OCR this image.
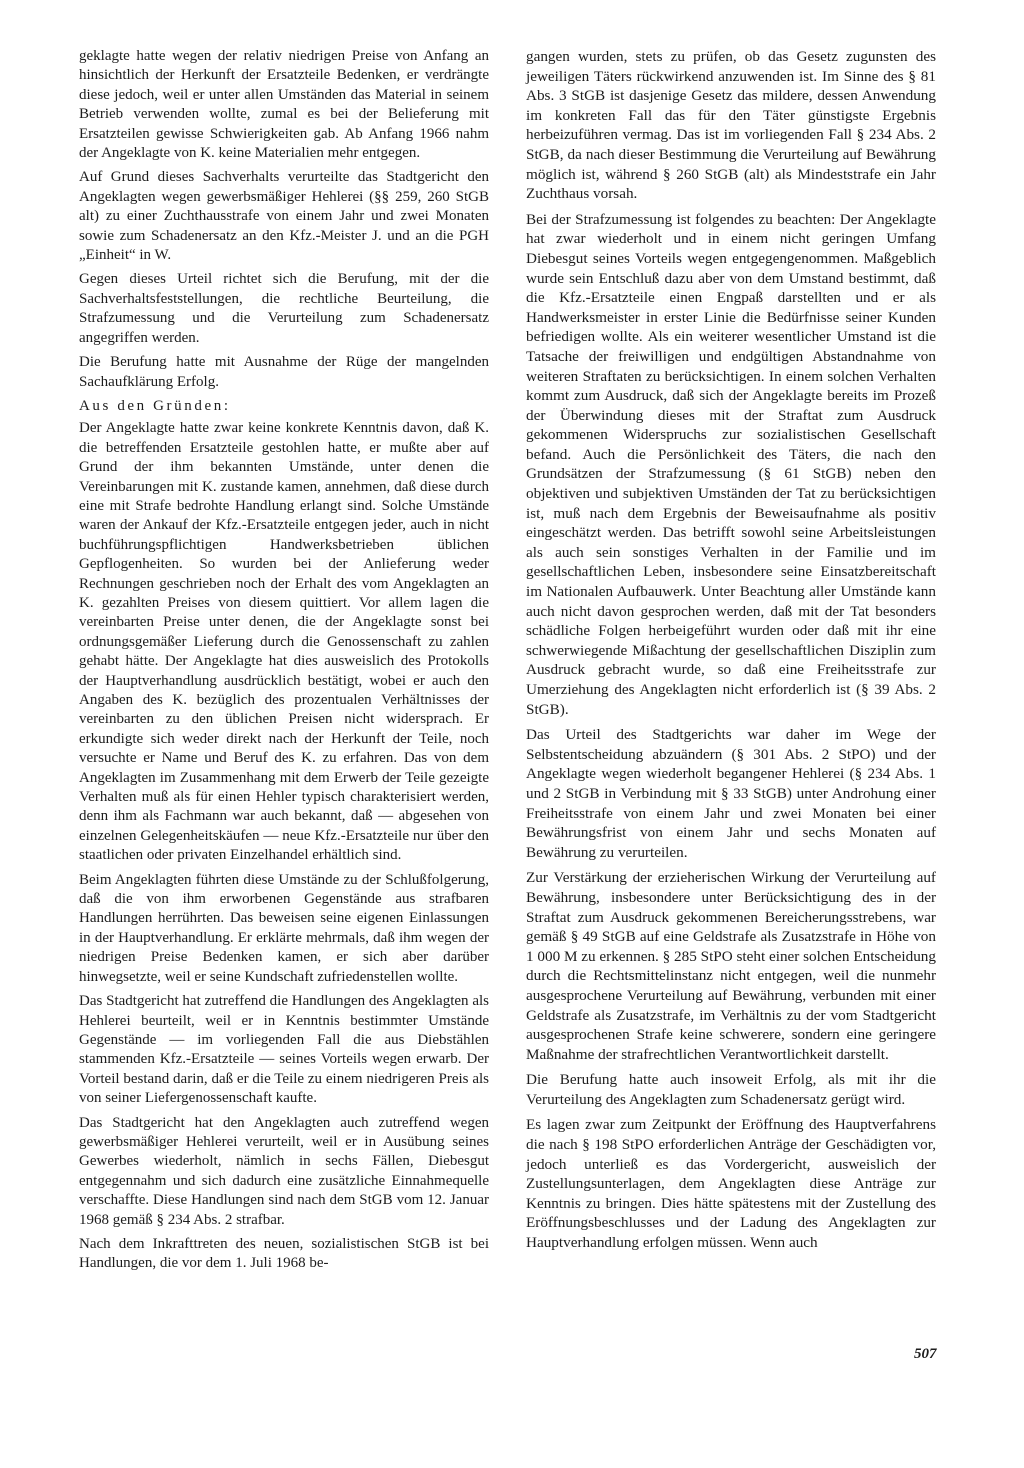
geklagte hatte wegen der relativ niedrigen Preise von Anfang an hinsichtlich der Herkunft der Ersatzteile Bedenken, er verdrängte diese jedoch, weil er unter allen Umständen das Material in seinem Betrieb verwenden wollte, zumal es bei der Belieferung mit Ersatzteilen gewisse Schwierigkeiten gab. Ab Anfang 1966 nahm der Angeklagte von K. keine Materialien mehr entgegen.

Auf Grund dieses Sachverhalts verurteilte das Stadtgericht den Angeklagten wegen gewerbsmäßiger Hehlerei (§§ 259, 260 StGB alt) zu einer Zuchthausstrafe von einem Jahr und zwei Monaten sowie zum Schadenersatz an den Kfz.-Meister J. und an die PGH „Einheit“ in W.

Gegen dieses Urteil richtet sich die Berufung, mit der die Sachverhaltsfeststellungen, die rechtliche Beurteilung, die Strafzumessung und die Verurteilung zum Schadenersatz angegriffen werden.

Die Berufung hatte mit Ausnahme der Rüge der mangelnden Sachaufklärung Erfolg.

Aus den Gründen:

Der Angeklagte hatte zwar keine konkrete Kenntnis davon, daß K. die betreffenden Ersatzteile gestohlen hatte, er mußte aber auf Grund der ihm bekannten Umstände, unter denen die Vereinbarungen mit K. zustande kamen, annehmen, daß diese durch eine mit Strafe bedrohte Handlung erlangt sind. Solche Umstände waren der Ankauf der Kfz.-Ersatzteile entgegen jeder, auch in nicht buchführungspflichtigen Handwerksbetrieben üblichen Gepflogenheiten. So wurden bei der Anlieferung weder Rechnungen geschrieben noch der Erhalt des vom Angeklagten an K. gezahlten Preises von diesem quittiert. Vor allem lagen die vereinbarten Preise unter denen, die der Angeklagte sonst bei ordnungsgemäßer Lieferung durch die Genossenschaft zu zahlen gehabt hätte. Der Angeklagte hat dies ausweislich des Protokolls der Hauptverhandlung ausdrücklich bestätigt, wobei er auch den Angaben des K. bezüglich des prozentualen Verhältnisses der vereinbarten zu den üblichen Preisen nicht widersprach. Er erkundigte sich weder direkt nach der Herkunft der Teile, noch versuchte er Name und Beruf des K. zu erfahren. Das von dem Angeklagten im Zusammenhang mit dem Erwerb der Teile gezeigte Verhalten muß als für einen Hehler typisch charakterisiert werden, denn ihm als Fachmann war auch bekannt, daß — abgesehen von einzelnen Gelegenheitskäufen — neue Kfz.-Ersatzteile nur über den staatlichen oder privaten Einzelhandel erhältlich sind.

Beim Angeklagten führten diese Umstände zu der Schlußfolgerung, daß die von ihm erworbenen Gegenstände aus strafbaren Handlungen herrührten. Das beweisen seine eigenen Einlassungen in der Hauptverhandlung. Er erklärte mehrmals, daß ihm wegen der niedrigen Preise Bedenken kamen, er sich aber darüber hinwegsetzte, weil er seine Kundschaft zufriedenstellen wollte.

Das Stadtgericht hat zutreffend die Handlungen des Angeklagten als Hehlerei beurteilt, weil er in Kenntnis bestimmter Umstände Gegenstände — im vorliegenden Fall die aus Diebstählen stammenden Kfz.-Ersatzteile — seines Vorteils wegen erwarb. Der Vorteil bestand darin, daß er die Teile zu einem niedrigeren Preis als von seiner Liefergenossenschaft kaufte.

Das Stadtgericht hat den Angeklagten auch zutreffend wegen gewerbsmäßiger Hehlerei verurteilt, weil er in Ausübung seines Gewerbes wiederholt, nämlich in sechs Fällen, Diebesgut entgegennahm und sich dadurch eine zusätzliche Einnahmequelle verschaffte. Diese Handlungen sind nach dem StGB vom 12. Januar 1968 gemäß § 234 Abs. 2 strafbar.

Nach dem Inkrafttreten des neuen, sozialistischen StGB ist bei Handlungen, die vor dem 1. Juli 1968 be-

gangen wurden, stets zu prüfen, ob das Gesetz zugunsten des jeweiligen Täters rückwirkend anzuwenden ist. Im Sinne des § 81 Abs. 3 StGB ist dasjenige Gesetz das mildere, dessen Anwendung im konkreten Fall das für den Täter günstigste Ergebnis herbeizuführen vermag. Das ist im vorliegenden Fall § 234 Abs. 2 StGB, da nach dieser Bestimmung die Verurteilung auf Bewährung möglich ist, während § 260 StGB (alt) als Mindeststrafe ein Jahr Zuchthaus vorsah.

Bei der Strafzumessung ist folgendes zu beachten: Der Angeklagte hat zwar wiederholt und in einem nicht geringen Umfang Diebesgut seines Vorteils wegen entgegengenommen. Maßgeblich wurde sein Entschluß dazu aber von dem Umstand bestimmt, daß die Kfz.-Ersatzteile einen Engpaß darstellten und er als Handwerksmeister in erster Linie die Bedürfnisse seiner Kunden befriedigen wollte. Als ein weiterer wesentlicher Umstand ist die Tatsache der freiwilligen und endgültigen Abstandnahme von weiteren Straftaten zu berücksichtigen. In einem solchen Verhalten kommt zum Ausdruck, daß sich der Angeklagte bereits im Prozeß der Überwindung dieses mit der Straftat zum Ausdruck gekommenen Widerspruchs zur sozialistischen Gesellschaft befand. Auch die Persönlichkeit des Täters, die nach den Grundsätzen der Strafzumessung (§ 61 StGB) neben den objektiven und subjektiven Umständen der Tat zu berücksichtigen ist, muß nach dem Ergebnis der Beweisaufnahme als positiv eingeschätzt werden. Das betrifft sowohl seine Arbeitsleistungen als auch sein sonstiges Verhalten in der Familie und im gesellschaftlichen Leben, insbesondere seine Einsatzbereitschaft im Nationalen Aufbauwerk. Unter Beachtung aller Umstände kann auch nicht davon gesprochen werden, daß mit der Tat besonders schädliche Folgen herbeigeführt wurden oder daß mit ihr eine schwerwiegende Mißachtung der gesellschaftlichen Disziplin zum Ausdruck gebracht wurde, so daß eine Freiheitsstrafe zur Umerziehung des Angeklagten nicht erforderlich ist (§ 39 Abs. 2 StGB).

Das Urteil des Stadtgerichts war daher im Wege der Selbstentscheidung abzuändern (§ 301 Abs. 2 StPO) und der Angeklagte wegen wiederholt begangener Hehlerei (§ 234 Abs. 1 und 2 StGB in Verbindung mit § 33 StGB) unter Androhung einer Freiheitsstrafe von einem Jahr und zwei Monaten bei einer Bewährungsfrist von einem Jahr und sechs Monaten auf Bewährung zu verurteilen.

Zur Verstärkung der erzieherischen Wirkung der Verurteilung auf Bewährung, insbesondere unter Berücksichtigung des in der Straftat zum Ausdruck gekommenen Bereicherungsstrebens, war gemäß § 49 StGB auf eine Geldstrafe als Zusatzstrafe in Höhe von 1 000 M zu erkennen. § 285 StPO steht einer solchen Entscheidung durch die Rechtsmittelinstanz nicht entgegen, weil die nunmehr ausgesprochene Verurteilung auf Bewährung, verbunden mit einer Geldstrafe als Zusatzstrafe, im Verhältnis zu der vom Stadtgericht ausgesprochenen Strafe keine schwerere, sondern eine geringere Maßnahme der strafrechtlichen Verantwortlichkeit darstellt.

Die Berufung hatte auch insoweit Erfolg, als mit ihr die Verurteilung des Angeklagten zum Schadenersatz gerügt wird.

Es lagen zwar zum Zeitpunkt der Eröffnung des Hauptverfahrens die nach § 198 StPO erforderlichen Anträge der Geschädigten vor, jedoch unterließ es das Vordergericht, ausweislich der Zustellungsunterlagen, dem Angeklagten diese Anträge zur Kenntnis zu bringen. Dies hätte spätestens mit der Zustellung des Eröffnungsbeschlusses und der Ladung des Angeklagten zur Hauptverhandlung erfolgen müssen. Wenn auch

507
